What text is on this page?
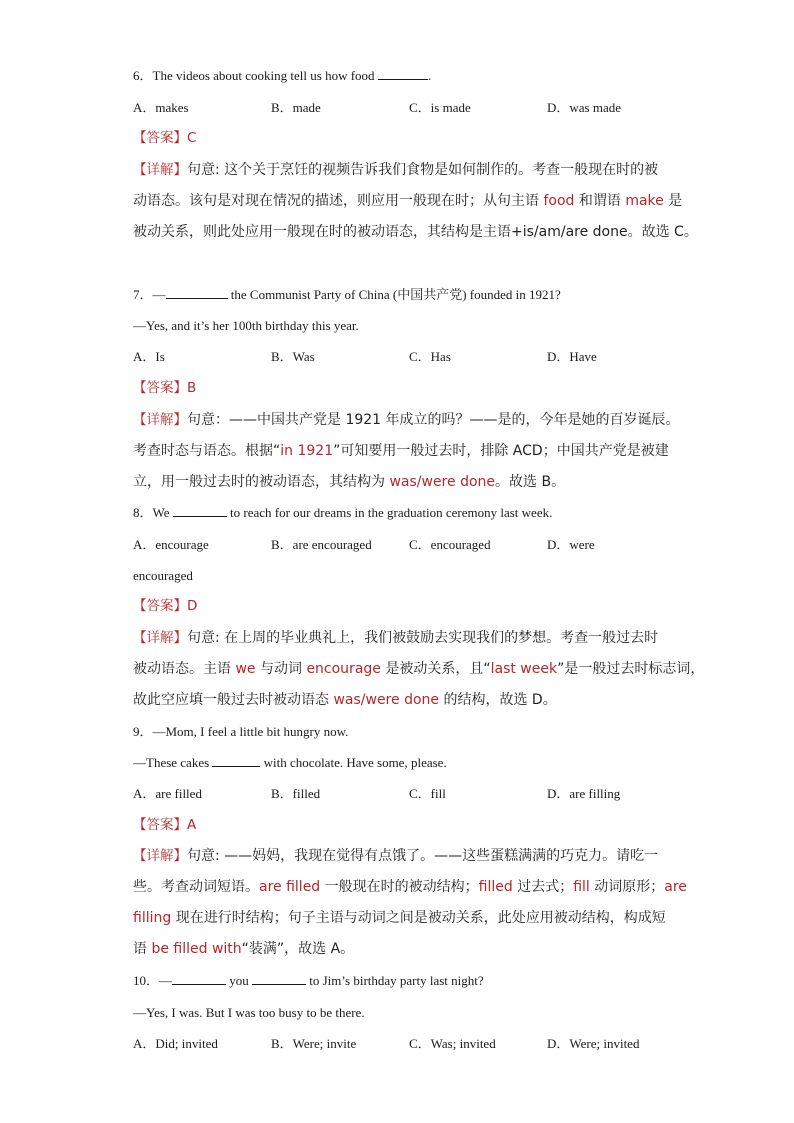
6．The videos about cooking tell us how food	.
A．makes	B．made	C．is made	D．was made
【答案】C
【详解】句意: 这个关于烹饪的视频告诉我们食物是如何制作的。考查一般现在时的被
动语态。该句是对现在情况的描述，则应用一般现在时；从句主语 food 和谓语 make 是
被动关系，则此处应用一般现在时的被动语态，其结构是主语+is/am/are done。故选 C。
7．—	the Communist Party of China (中国共产党) founded in 1921?
—Yes, and it’s her 100th birthday this year.
A．Is	B．Was	C．Has	D．Have
【答案】B
【详解】句意：——中国共产党是 1921 年成立的吗？——是的，今年是她的百岁诞辰。
考查时态与语态。根据“in 1921”可知要用一般过去时，排除 ACD；中国共产党是被建
立，用一般过去时的被动语态，其结构为 was/were done。故选 B。
8．We	to reach for our dreams in the graduation ceremony last week.
A．encourage	B．are encouraged	C．encouraged	D．were
encouraged
【答案】D
【详解】句意: 在上周的毕业典礼上，我们被鼓励去实现我们的梦想。考查一般过去时
被动语态。主语 we 与动词 encourage 是被动关系，且“last week”是一般过去时标志词，
故此空应填一般过去时被动语态 was/were done 的结构，故选 D。
9．—Mom, I feel a little bit hungry now.
—These cakes	with chocolate. Have some, please.
A．are filled	B．filled	C．fill	D．are filling
【答案】A
【详解】句意: ——妈妈，我现在觉得有点饿了。——这些蛋糕满满的巧克力。请吃一
些。考查动词短语。are filled 一般现在时的被动结构；filled 过去式；fill 动词原形；are
filling 现在进行时结构；句子主语与动词之间是被动关系，此处应用被动结构，构成短
语 be filled with“装满”，故选 A。
10．—	you	to Jim’s birthday party last night?
—Yes, I was. But I was too busy to be there.
A．Did; invited	B．Were; invite	C．Was; invited	D．Were; invited
